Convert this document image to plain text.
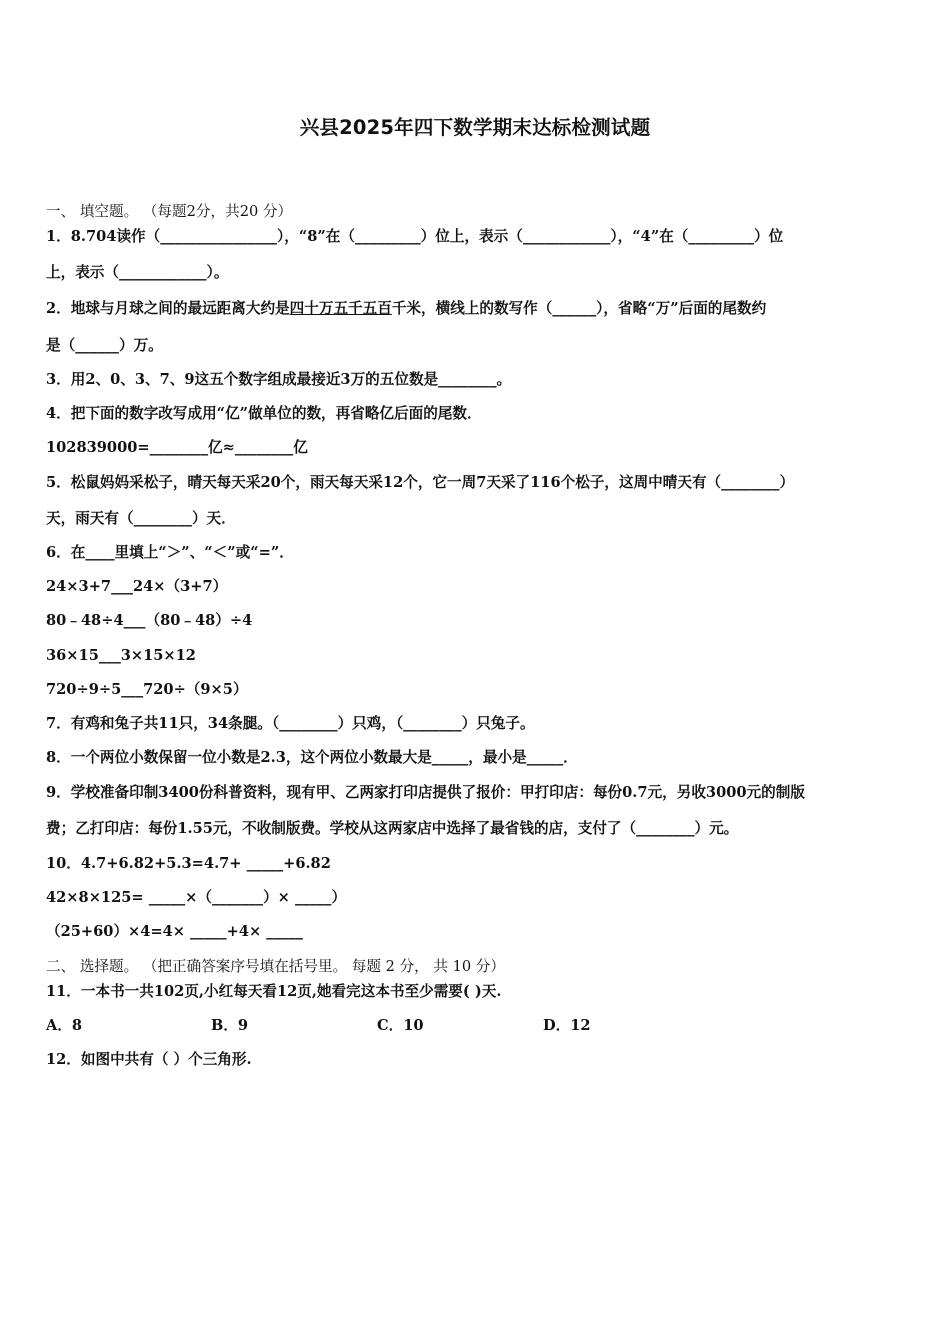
兴县2025年四下数学期末达标检测试题
一、 填空题。 （每题2分，共20 分）
1．8.704读作（________________），“8”在（_________）位上，表示（____________），“4”在（_________）位
上，表示（____________）。
2．地球与月球之间的最远距离大约是四十万五千五百千米，横线上的数写作（______），省略“万”后面的尾数约
是（______）万。
3．用2、0、3、7、9这五个数字组成最接近3万的五位数是________。
4．把下面的数字改写成用“亿”做单位的数，再省略亿后面的尾数．
102839000=________亿≈________亿
5．松鼠妈妈采松子，晴天每天采20个，雨天每天采12个，它一周7天采了116个松子，这周中晴天有（________）
天，雨天有（________）天．
6．在____里填上“＞”、“＜”或“=”．
24×3+7___24×（3+7）
80﹣48÷4___（80﹣48）÷4
36×15___3×15×12
720÷9÷5___720÷（9×5）
7．有鸡和兔子共11只，34条腿。（________）只鸡，（________）只兔子。
8．一个两位小数保留一位小数是2.3，这个两位小数最大是_____，最小是_____．
9．学校准备印制3400份科普资料，现有甲、乙两家打印店提供了报价：甲打印店：每份0.7元，另收3000元的制版
费；乙打印店：每份1.55元，不收制版费。学校从这两家店中选择了最省钱的店，支付了（________）元。
10．4.7+6.82+5.3=4.7+ _____+6.82
42×8×125= _____×（_______）× _____）
（25+60）×4=4× _____+4× _____
二、 选择题。 （把正确答案序号填在括号里。 每题 2 分， 共 10 分）
11．一本书一共102页,小红每天看12页,她看完这本书至少需要( )天.
A．8	B．9	C．10	D．12
12．如图中共有（ ）个三角形.
